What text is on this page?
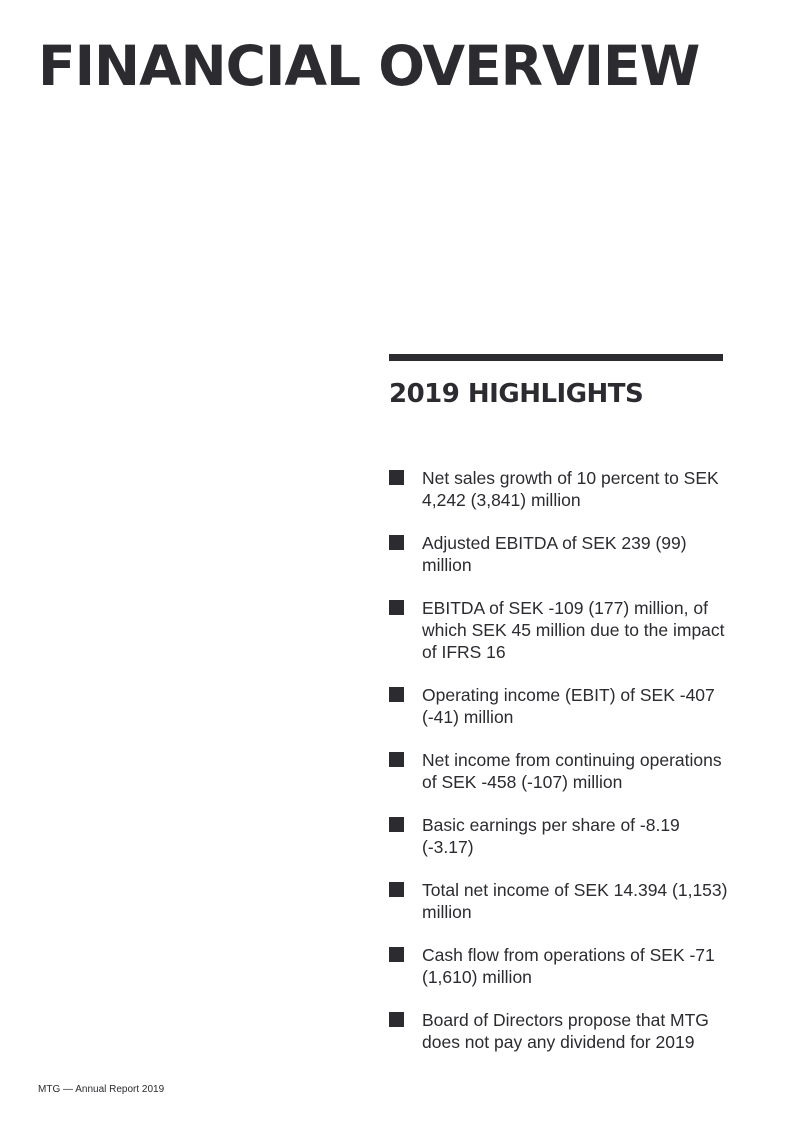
FINANCIAL OVERVIEW
2019 HIGHLIGHTS
Net sales growth of 10 percent to SEK 4,242 (3,841) million
Adjusted EBITDA of SEK 239 (99) million
EBITDA of SEK -109 (177) million, of which SEK 45 million due to the impact of IFRS 16
Operating income (EBIT) of SEK -407 (-41) million
Net income from continuing operations of SEK -458 (-107) million
Basic earnings per share of -8.19 (-3.17)
Total net income of SEK 14.394 (1,153) million
Cash flow from operations of SEK -71 (1,610) million
Board of Directors propose that MTG does not pay any dividend for 2019
MTG — Annual Report 2019
